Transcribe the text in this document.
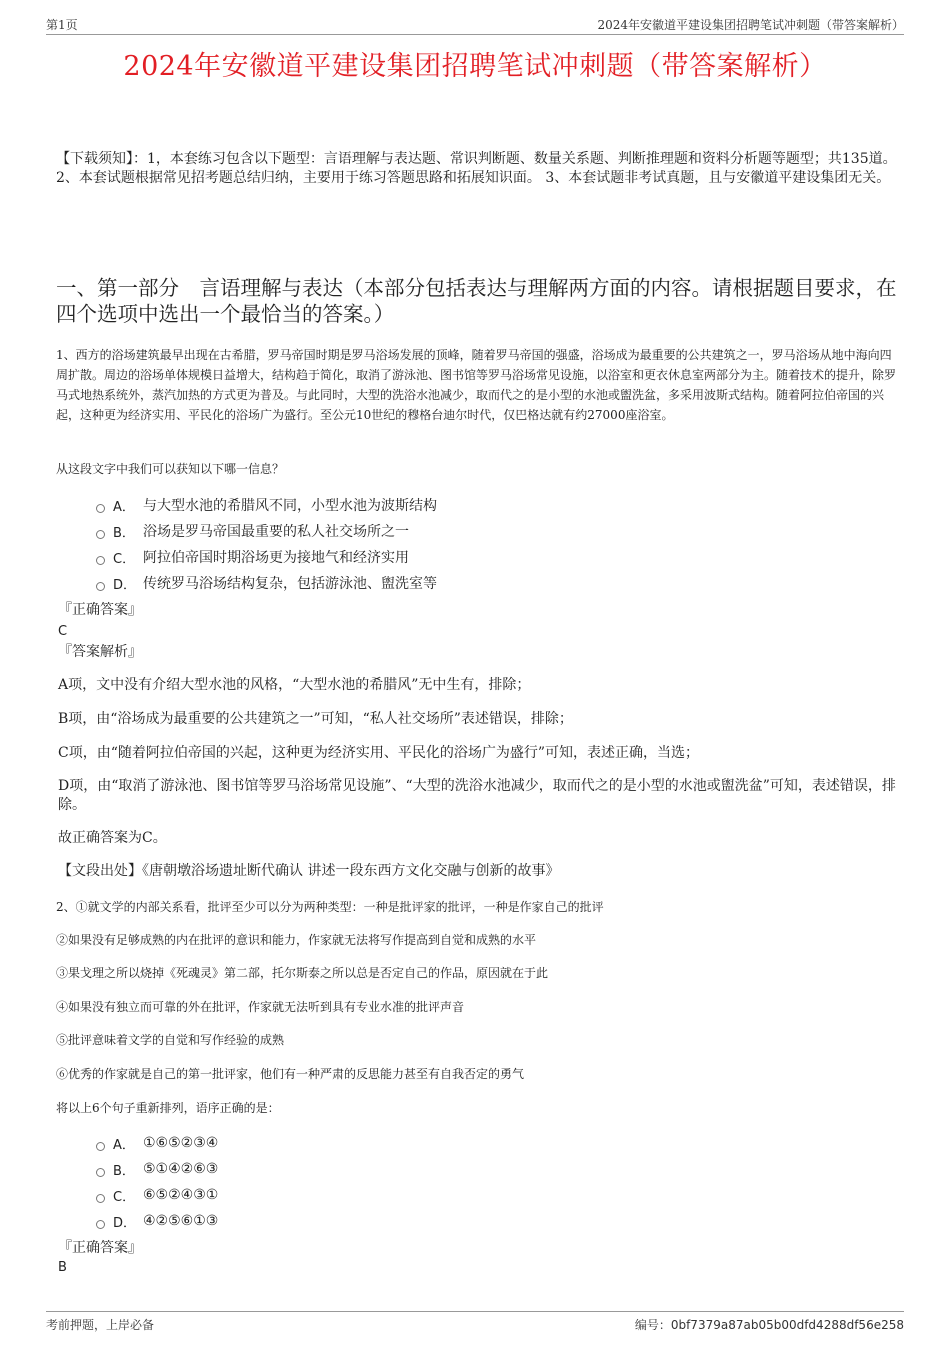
第1页	2024年安徽道平建设集团招聘笔试冲刺题（带答案解析）
2024年安徽道平建设集团招聘笔试冲刺题（带答案解析）
【下载须知】：1，本套练习包含以下题型：言语理解与表达题、常识判断题、数量关系题、判断推理题和资料分析题等题型；共135道。 2、本套试题根据常见招考题总结归纳，主要用于练习答题思路和拓展知识面。 3、本套试题非考试真题，且与安徽道平建设集团无关。
一、第一部分　言语理解与表达（本部分包括表达与理解两方面的内容。请根据题目要求，在四个选项中选出一个最恰当的答案。）
1、西方的浴场建筑最早出现在古希腊，罗马帝国时期是罗马浴场发展的顶峰，随着罗马帝国的强盛，浴场成为最重要的公共建筑之一，罗马浴场从地中海向四周扩散。周边的浴场单体规模日益增大，结构趋于简化，取消了游泳池、图书馆等罗马浴场常见设施，以浴室和更衣休息室两部分为主。随着技术的提升，除罗马式地热系统外，蒸汽加热的方式更为普及。与此同时，大型的洗浴水池减少，取而代之的是小型的水池或盥洗盆，多采用波斯式结构。随着阿拉伯帝国的兴起，这种更为经济实用、平民化的浴场广为盛行。至公元10世纪的穆格台迪尔时代，仅巴格达就有约27000座浴室。
从这段文字中我们可以获知以下哪一信息？
A． 与大型水池的希腊风不同，小型水池为波斯结构
B． 浴场是罗马帝国最重要的私人社交场所之一
C． 阿拉伯帝国时期浴场更为接地气和经济实用
D． 传统罗马浴场结构复杂，包括游泳池、盥洗室等
『正确答案』
C
『答案解析』
A项，文中没有介绍大型水池的风格，“大型水池的希腊风”无中生有，排除；
B项，由“浴场成为最重要的公共建筑之一”可知，“私人社交场所”表述错误，排除；
C项，由“随着阿拉伯帝国的兴起，这种更为经济实用、平民化的浴场广为盛行”可知，表述正确，当选；
D项，由“取消了游泳池、图书馆等罗马浴场常见设施”、“大型的洗浴水池减少，取而代之的是小型的水池或盥洗盆”可知，表述错误，排除。
故正确答案为C。
【文段出处】《唐朝墩浴场遗址断代确认 讲述一段东西方文化交融与创新的故事》
2、①就文学的内部关系看，批评至少可以分为两种类型：一种是批评家的批评，一种是作家自己的批评
②如果没有足够成熟的内在批评的意识和能力，作家就无法将写作提高到自觉和成熟的水平
③果戈理之所以烧掉《死魂灵》第二部，托尔斯泰之所以总是否定自己的作品，原因就在于此
④如果没有独立而可靠的外在批评，作家就无法听到具有专业水准的批评声音
⑤批评意味着文学的自觉和写作经验的成熟
⑥优秀的作家就是自己的第一批评家，他们有一种严肃的反思能力甚至有自我否定的勇气
将以上6个句子重新排列，语序正确的是：
A． ①⑥⑤②③④
B． ⑤①④②⑥③
C． ⑥⑤②④③①
D． ④②⑤⑥①③
『正确答案』
B
考前押题，上岸必备	编号：0bf7379a87ab05b00dfd4288df56e258
